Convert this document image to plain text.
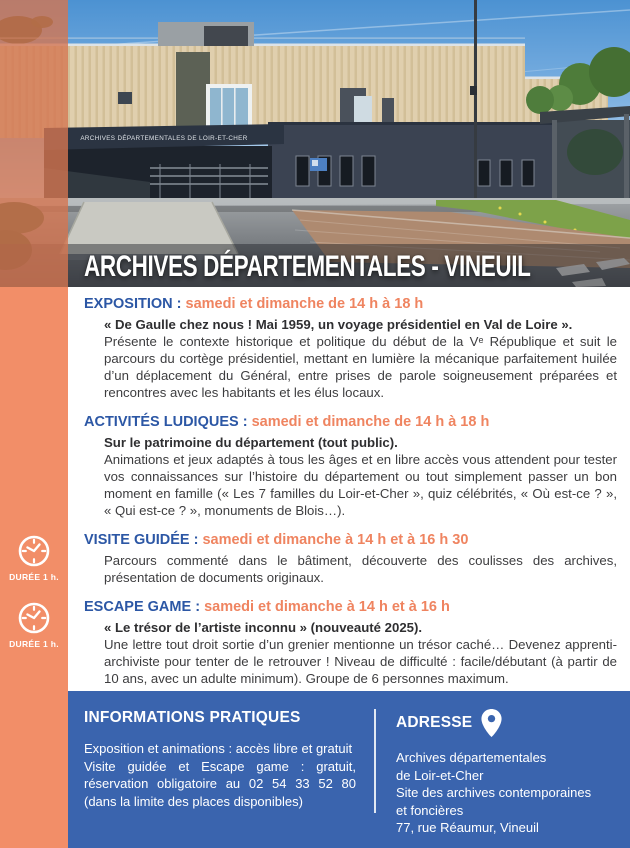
ARCHIVES DÉPARTEMENTALES DE LOIR-ET-CHER
ARCHIVES DÉPARTEMENTALES - VINEUIL
EXPOSITION : samedi et dimanche de 14 h à 18 h

« De Gaulle chez nous ! Mai 1959, un voyage présidentiel en Val de Loire ».

Présente le contexte historique et politique du début de la Vᵉ République et suit le parcours du cortège présidentiel, mettant en lumière la mécanique parfaitement huilée d’un déplacement du Général, entre prises de parole soigneusement préparées et rencontres avec les habitants et les élus locaux.

ACTIVITÉS LUDIQUES : samedi et dimanche de 14 h à 18 h

Sur le patrimoine du département (tout public).

Animations et jeux adaptés à tous les âges et en libre accès vous attendent pour tester vos connaissances sur l’histoire du département ou tout simplement passer un bon moment en famille (« Les 7 familles du Loir-et-Cher », quiz célébrités, « Où est-ce ? », « Qui est-ce ? », monuments de Blois…).

VISITE GUIDÉE : samedi et dimanche à 14 h et à 16 h 30

Parcours commenté dans le bâtiment, découverte des coulisses des archives, présentation de documents originaux.

ESCAPE GAME : samedi et dimanche à 14 h et à 16 h

« Le trésor de l’artiste inconnu » (nouveauté 2025).

Une lettre tout droit sortie d’un grenier mentionne un trésor caché… Devenez apprenti-archiviste pour tenter de le retrouver ! Niveau de difficulté : facile/débutant (à partir de 10 ans, avec un adulte minimum). Groupe de 6 personnes maximum.

DURÉE 1 h.
DURÉE 1 h.
INFORMATIONS PRATIQUES

Exposition et animations : accès libre et gratuit

Visite guidée et Escape game : gratuit, réservation obligatoire au 02 54 33 52 80 (dans la limite des places disponibles)

ADRESSE
Archives départementales
de Loir-et-Cher
Site des archives contemporaines
et foncières
77, rue Réaumur, Vineuil
